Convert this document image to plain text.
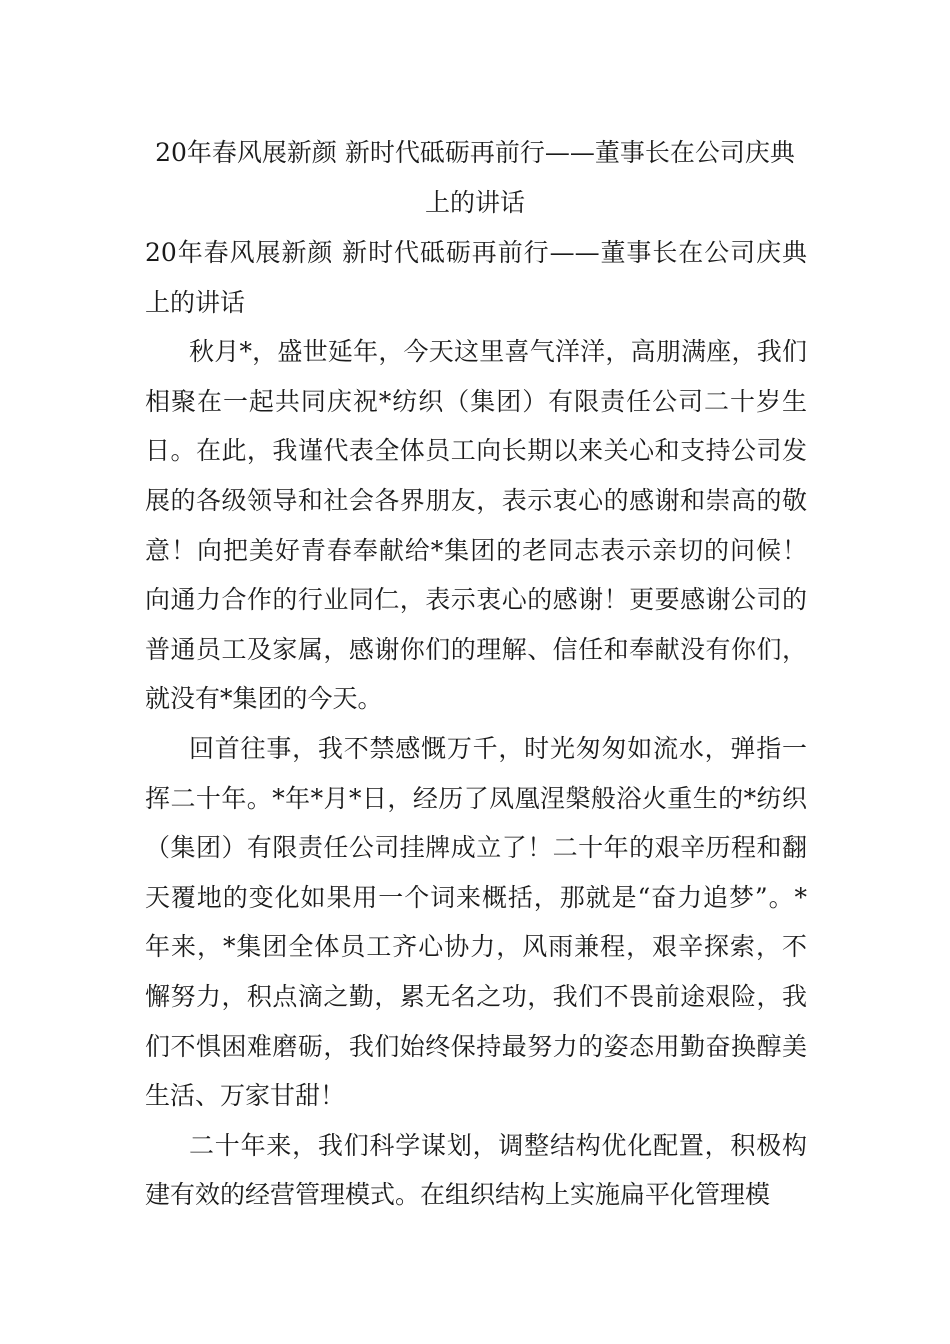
20年春风展新颜 新时代砥砺再前行——董事长在公司庆典上的讲话

20年春风展新颜 新时代砥砺再前行——董事长在公司庆典上的讲话

秋月*，盛世延年，今天这里喜气洋洋，高朋满座，我们相聚在一起共同庆祝*纺织（集团）有限责任公司二十岁生日。在此，我谨代表全体员工向长期以来关心和支持公司发展的各级领导和社会各界朋友，表示衷心的感谢和崇高的敬意！向把美好青春奉献给*集团的老同志表示亲切的问候！向通力合作的行业同仁，表示衷心的感谢！更要感谢公司的普通员工及家属，感谢你们的理解、信任和奉献没有你们，就没有*集团的今天。

回首往事，我不禁感慨万千，时光匆匆如流水，弹指一挥二十年。*年*月*日，经历了凤凰涅槃般浴火重生的*纺织（集团）有限责任公司挂牌成立了！二十年的艰辛历程和翻天覆地的变化如果用一个词来概括，那就是“奋力追梦”。*年来，*集团全体员工齐心协力，风雨兼程，艰辛探索，不懈努力，积点滴之勤，累无名之功，我们不畏前途艰险，我们不惧困难磨砺，我们始终保持最努力的姿态用勤奋换醇美生活、万家甘甜！

二十年来，我们科学谋划，调整结构优化配置，积极构建有效的经营管理模式。在组织结构上实施扁平化管理模
